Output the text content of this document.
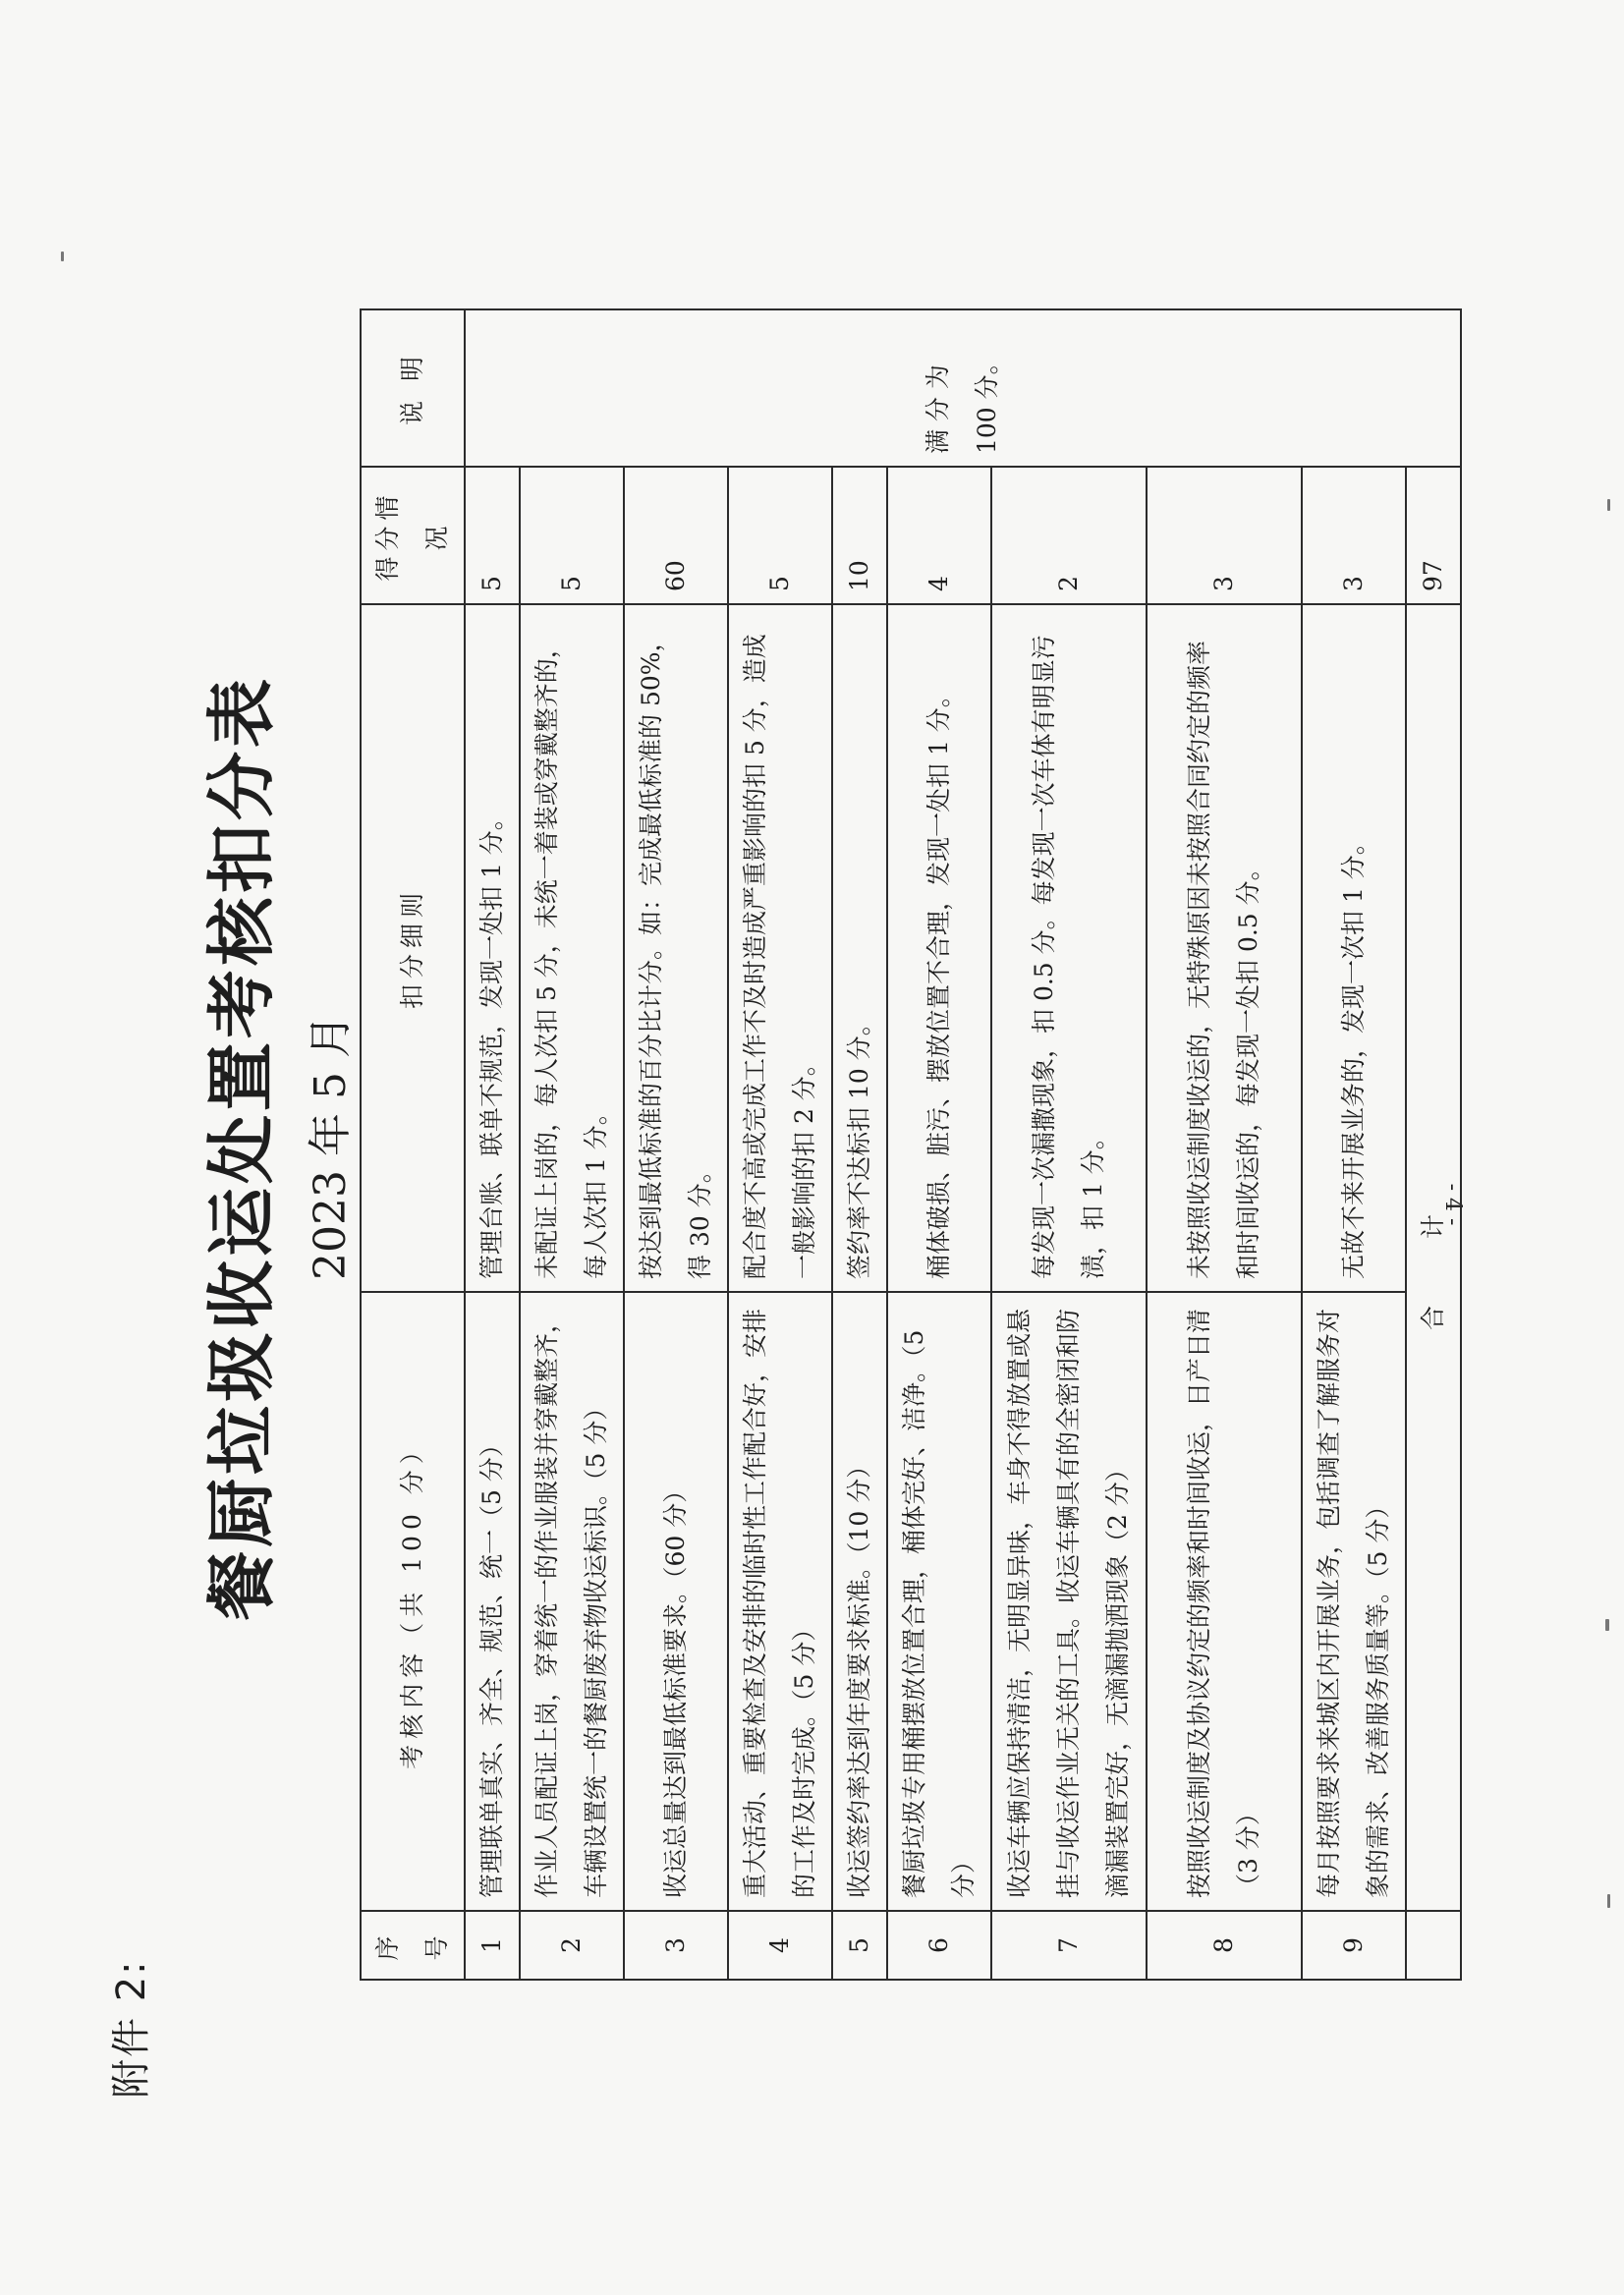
- 4 -
附件 2:
餐厨垃圾收运处置考核扣分表 2023 年 5 月
序号	考核内容（共 100 分）	扣分细则	得分情况	说 明
1	管理联单真实、齐全、规范、统一（5 分）	管理台账、联单不规范，发现一处扣 1 分。	5	满 分 为 100 分。
2	作业人员配证上岗，穿着统一的作业服装并穿戴整齐，车辆设置统一的餐厨废弃物收运标识。（5 分）	未配证上岗的，每人次扣 5 分，未统一着装或穿戴整齐的，每人次扣 1 分。	5	
3	收运总量达到最低标准要求。（60 分）	按达到最低标准的百分比计分。如：完成最低标准的 50%，得 30 分。	60	
4	重大活动、重要检查及安排的临时性工作配合好，安排的工作及时完成。（5 分）	配合度不高或完成工作不及时造成严重影响的扣 5 分，造成一般影响的扣 2 分。	5	
5	收运签约率达到年度要求标准。（10 分）	签约率不达标扣 10 分。	10	
6	餐厨垃圾专用桶摆放位置合理，桶体完好、洁净。（5 分）	桶体破损、脏污、摆放位置不合理，发现一处扣 1 分。	4	
7	收运车辆应保持清洁，无明显异味，车身不得放置或悬挂与收运作业无关的工具。收运车辆具有的全密闭和防滴漏装置完好，无滴漏抛洒现象（2 分）	每发现一次漏撒现象，扣 0.5 分。每发现一次车体有明显污渍，扣 1 分。	2	
8	按照收运制度及协议约定的频率和时间收运，日产日清（3 分）	未按照收运制度收运的，无特殊原因未按照合同约定的频率和时间收运的，每发现一处扣 0.5 分。	3	
9	每月按照要求来城区内开展业务，包括调查了解服务对象的需求、改善服务质量等。（5 分）	无故不来开展业务的，发现一次扣 1 分。	3	
	合 计		97	
